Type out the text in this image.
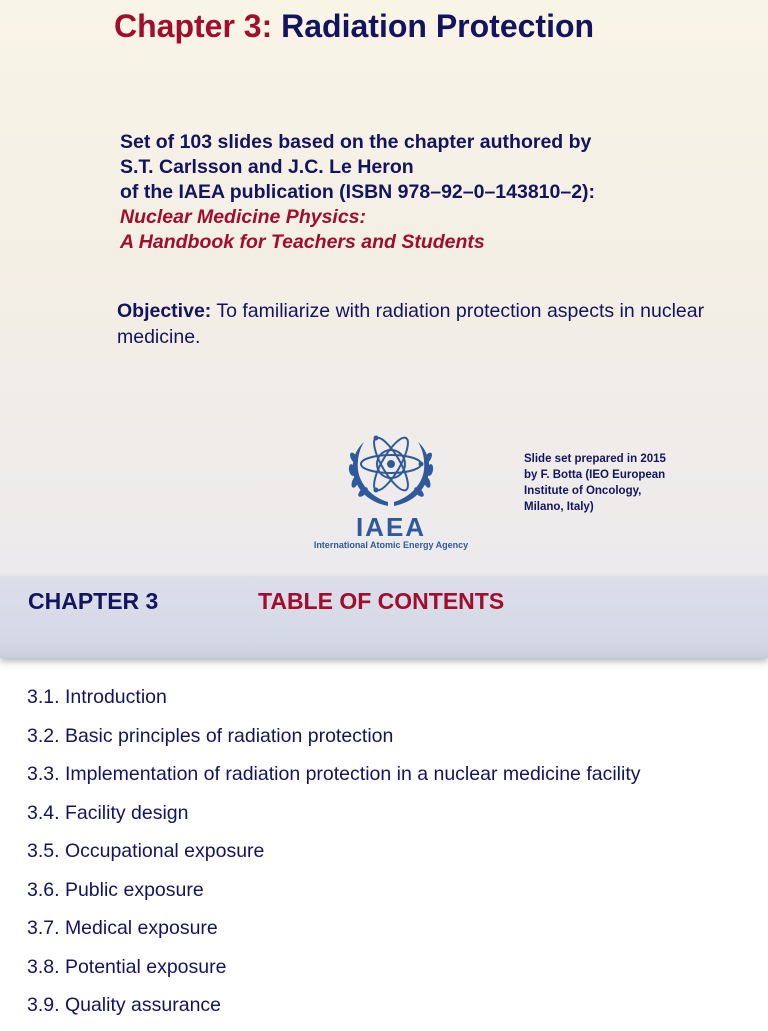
Chapter 3: Radiation Protection
Set of 103 slides based on the chapter authored by
S.T. Carlsson and J.C. Le Heron
of the IAEA publication (ISBN 978–92–0–143810–2):
Nuclear Medicine Physics:
A Handbook for Teachers and Students
Objective: To familiarize with radiation protection aspects in nuclear medicine.
IAEA
International Atomic Energy Agency
Slide set prepared in 2015
by F. Botta (IEO European
Institute of Oncology,
Milano, Italy)
CHAPTER 3	TABLE OF CONTENTS
3.1. Introduction
3.2. Basic principles of radiation protection
3.3. Implementation of radiation protection in a nuclear medicine facility
3.4. Facility design
3.5. Occupational exposure
3.6. Public exposure
3.7. Medical exposure
3.8. Potential exposure
3.9. Quality assurance
